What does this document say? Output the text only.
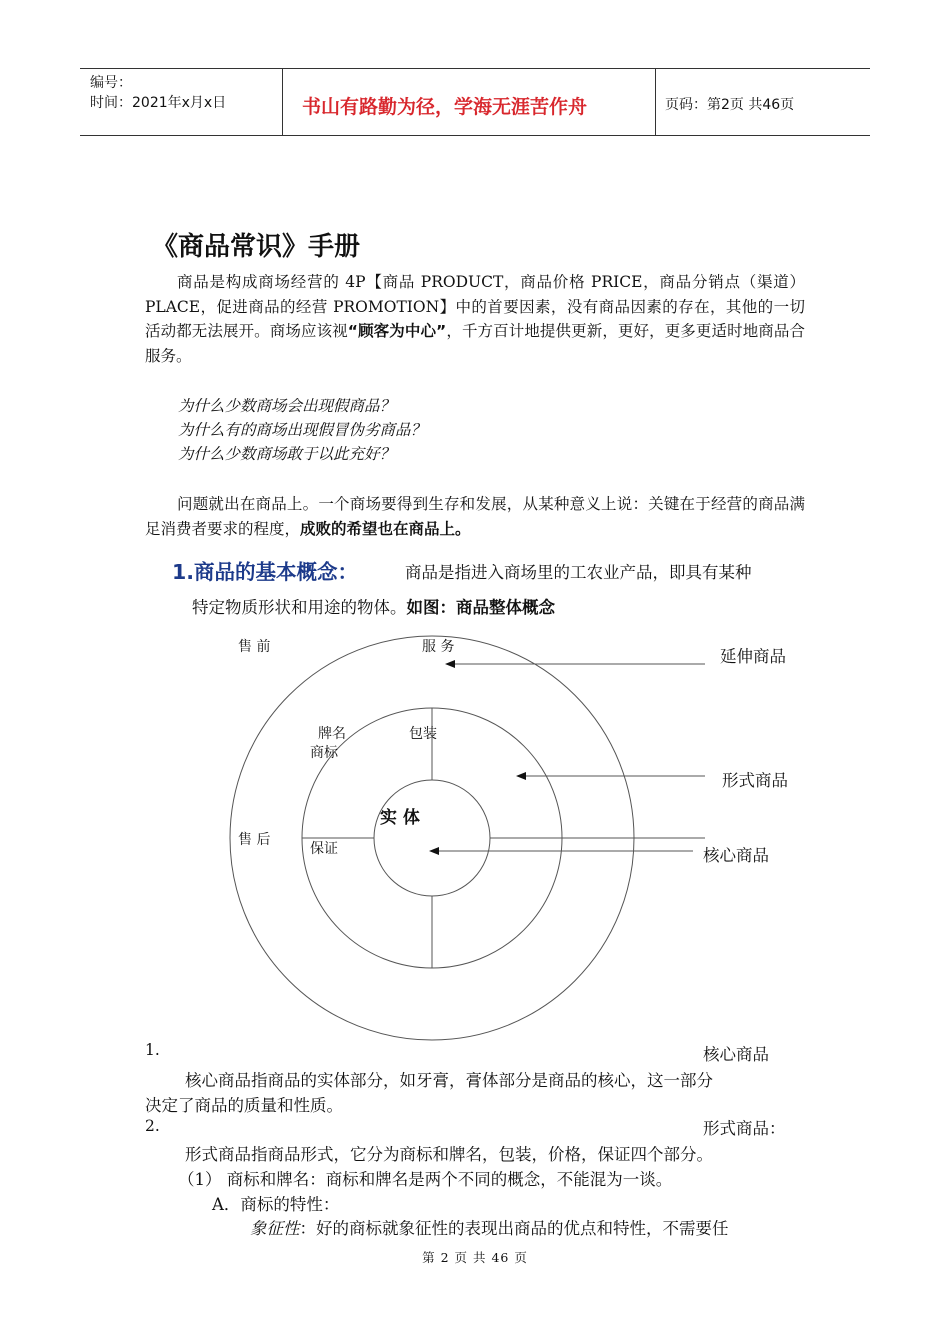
编号：
时间：2021年x月x日	书山有路勤为径，学海无涯苦作舟	页码：第2页 共46页
《商品常识》手册
商品是构成商场经营的 4P【商品 PRODUCT，商品价格 PRICE，商品分销点（渠道）PLACE，促进商品的经营 PROMOTION】中的首要因素，没有商品因素的存在，其他的一切活动都无法展开。商场应该视“顾客为中心”，千方百计地提供更新，更好，更多更适时地商品合服务。
为什么少数商场会出现假商品？
为什么有的商场出现假冒伪劣商品？
为什么少数商场敢于以此充好？
问题就出在商品上。一个商场要得到生存和发展，从某种意义上说：关键在于经营的商品满足消费者要求的程度，成败的希望也在商品上。
1.商品的基本概念：	商品是指进入商场里的工农业产品，即具有某种
特定物质形状和用途的物体。如图：商品整体概念
售 前	服 务	延伸商品
牌名
商标
包装
形式商品
实 体
售 后
保证	核心商品
1.	核心商品
核心商品指商品的实体部分，如牙膏，膏体部分是商品的核心，这一部分
决定了商品的质量和性质。
2.	形式商品：
形式商品指商品形式，它分为商标和牌名，包装，价格，保证四个部分。
（1） 商标和牌名：商标和牌名是两个不同的概念，不能混为一谈。
A．商标的特性：
象征性：好的商标就象征性的表现出商品的优点和特性，不需要任
第 2 页 共 46 页
